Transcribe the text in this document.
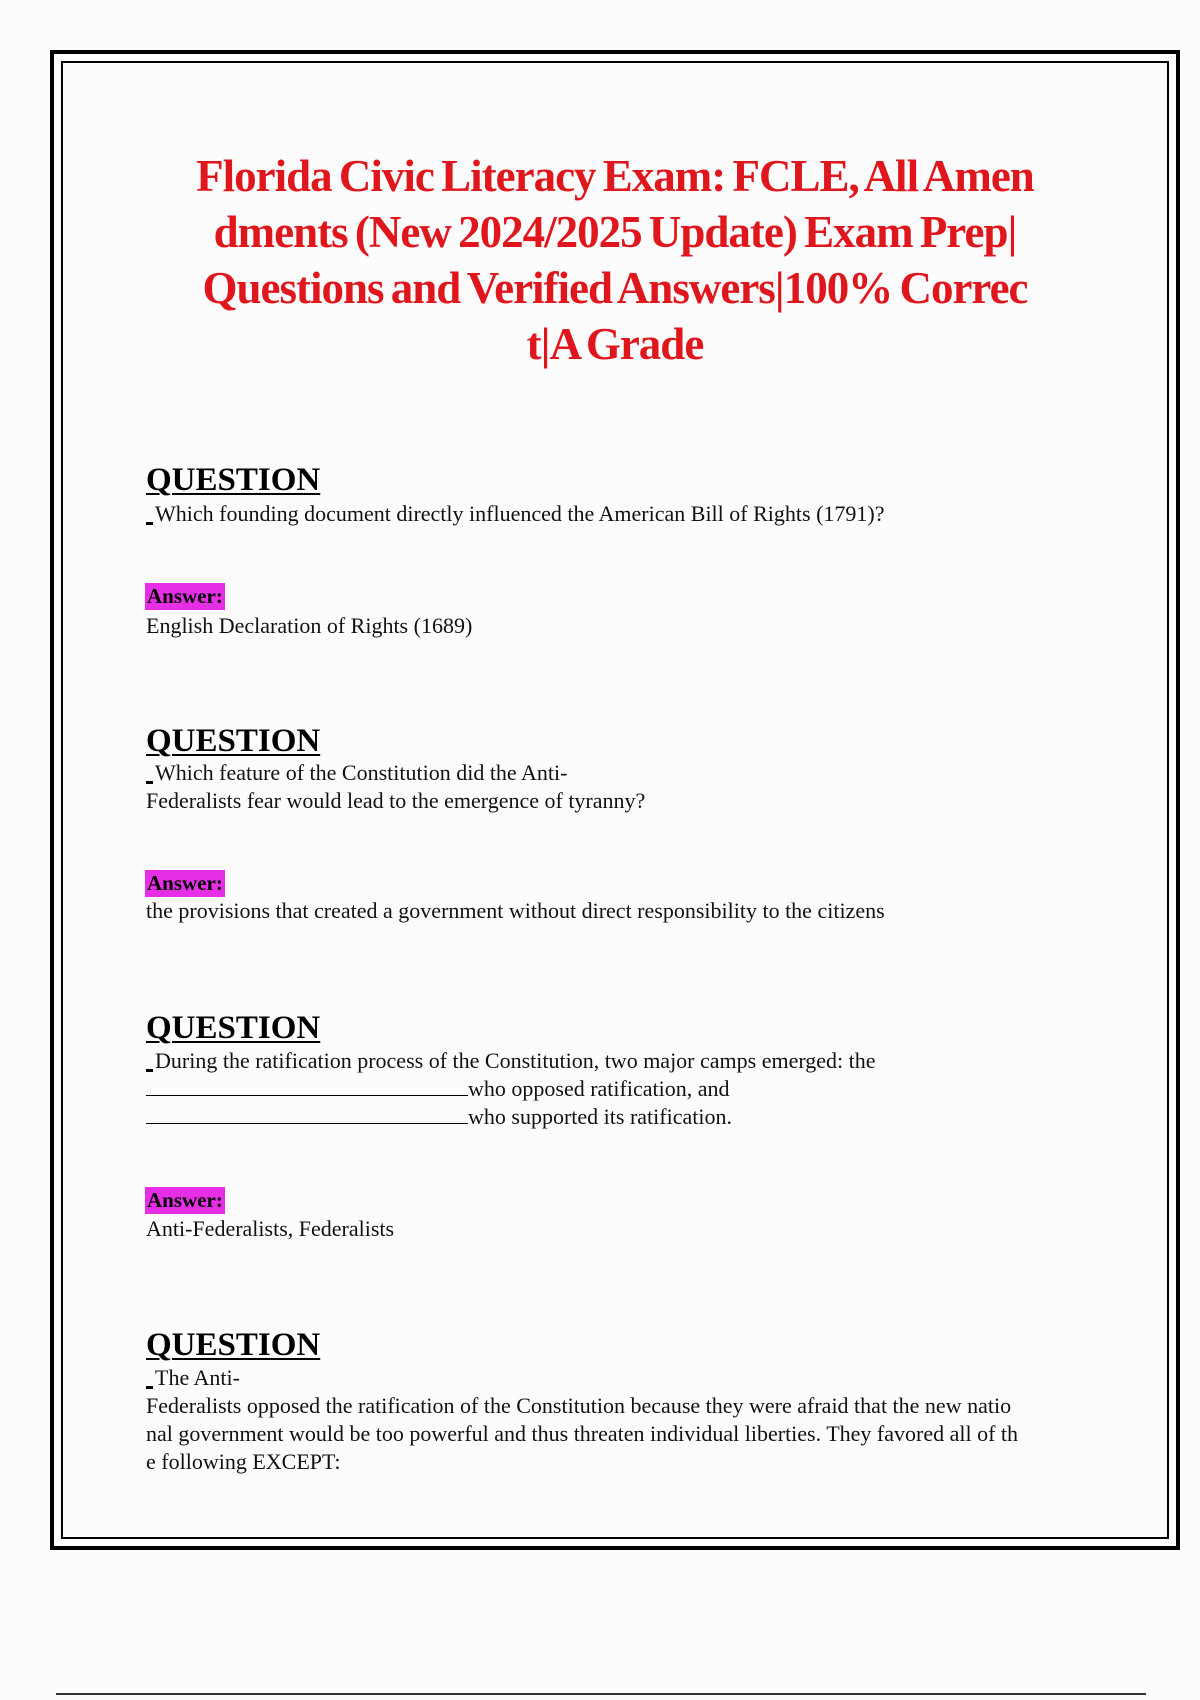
Florida Civic Literacy Exam: FCLE, All Amen
dments (New 2024/2025 Update) Exam Prep|
Questions and Verified Answers|100% Correc
t|A Grade
QUESTION
Which founding document directly influenced the American Bill of Rights (1791)?
Answer:
English Declaration of Rights (1689)
QUESTION
Which feature of the Constitution did the Anti-
Federalists fear would lead to the emergence of tyranny?
Answer:
the provisions that created a government without direct responsibility to the citizens
QUESTION
During the ratification process of the Constitution, two major camps emerged: the
who opposed ratification, and
who supported its ratification.
Answer:
Anti-Federalists, Federalists
QUESTION
The Anti-
Federalists opposed the ratification of the Constitution because they were afraid that the new natio
nal government would be too powerful and thus threaten individual liberties. They favored all of th
e following EXCEPT:
